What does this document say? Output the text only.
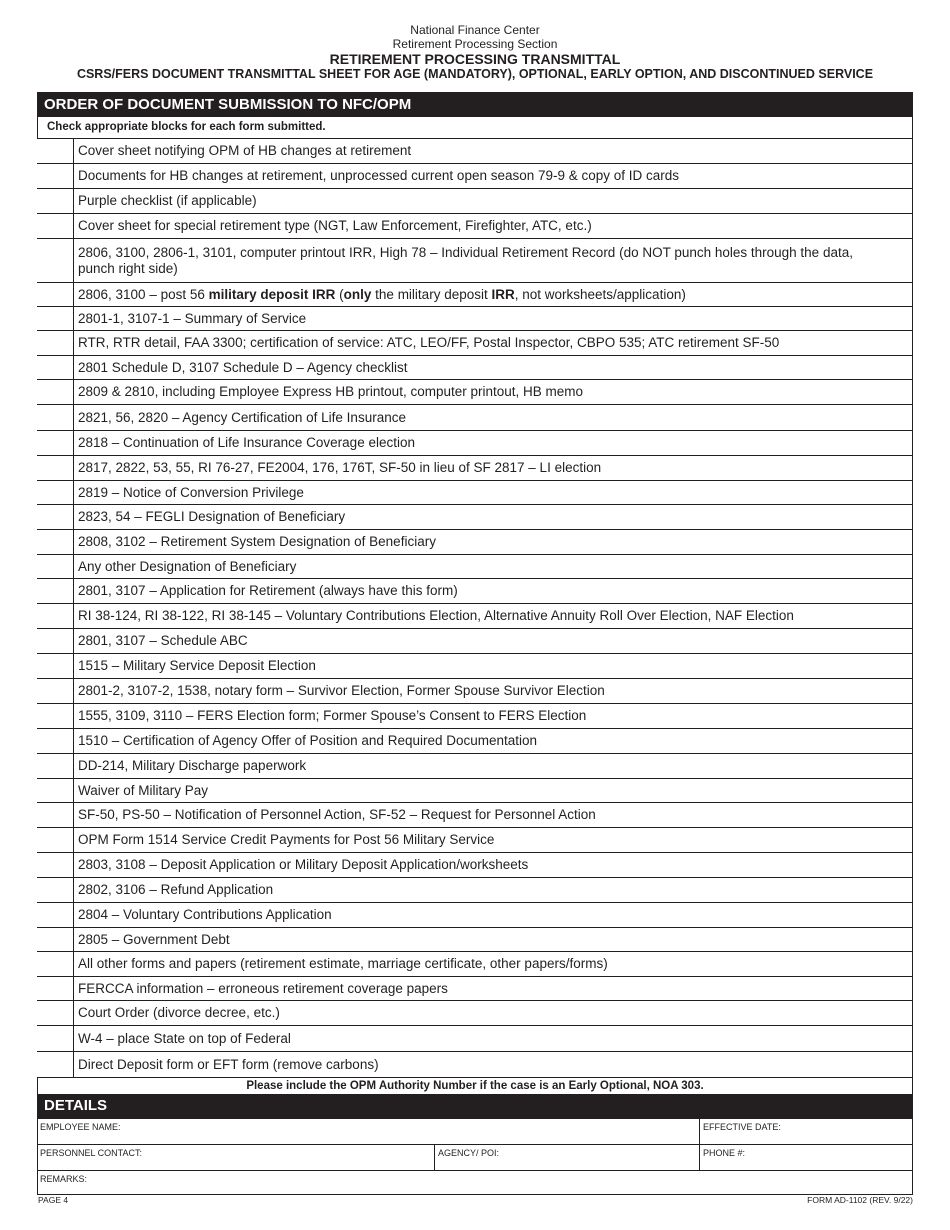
National Finance Center
Retirement Processing Section
RETIREMENT PROCESSING TRANSMITTAL
CSRS/FERS DOCUMENT TRANSMITTAL SHEET FOR AGE (MANDATORY), OPTIONAL, EARLY OPTION, AND DISCONTINUED SERVICE
ORDER OF DOCUMENT SUBMISSION TO NFC/OPM
Check appropriate blocks for each form submitted.
Cover sheet notifying OPM of HB changes at retirement
Documents for HB changes at retirement, unprocessed current open season 79-9 & copy of ID cards
Purple checklist (if applicable)
Cover sheet for special retirement type (NGT, Law Enforcement, Firefighter, ATC, etc.)
2806, 3100, 2806-1, 3101, computer printout IRR, High 78 – Individual Retirement Record (do NOT punch holes through the data, punch right side)
2806, 3100 – post 56 military deposit IRR (only the military deposit IRR, not worksheets/application)
2801-1, 3107-1 – Summary of Service
RTR, RTR detail, FAA 3300; certification of service: ATC, LEO/FF, Postal Inspector, CBPO 535; ATC retirement SF-50
2801 Schedule D, 3107 Schedule D – Agency checklist
2809 & 2810, including Employee Express HB printout, computer printout, HB memo
2821, 56, 2820 – Agency Certification of Life Insurance
2818 – Continuation of Life Insurance Coverage election
2817, 2822, 53, 55, RI 76-27, FE2004, 176, 176T, SF-50 in lieu of SF 2817 – LI election
2819 – Notice of Conversion Privilege
2823, 54 – FEGLI Designation of Beneficiary
2808, 3102 – Retirement System Designation of Beneficiary
Any other Designation of Beneficiary
2801, 3107 – Application for Retirement (always have this form)
RI 38-124, RI 38-122, RI 38-145 – Voluntary Contributions Election, Alternative Annuity Roll Over Election, NAF Election
2801, 3107 – Schedule ABC
1515 – Military Service Deposit Election
2801-2, 3107-2, 1538, notary form – Survivor Election, Former Spouse Survivor Election
1555, 3109, 3110 – FERS Election form; Former Spouse’s Consent to FERS Election
1510 – Certification of Agency Offer of Position and Required Documentation
DD-214, Military Discharge paperwork
Waiver of Military Pay
SF-50, PS-50 – Notification of Personnel Action, SF-52 – Request for Personnel Action
OPM Form 1514 Service Credit Payments for Post 56 Military Service
2803, 3108 – Deposit Application or Military Deposit Application/worksheets
2802, 3106 – Refund Application
2804 – Voluntary Contributions Application
2805 – Government Debt
All other forms and papers (retirement estimate, marriage certificate, other papers/forms)
FERCCA information – erroneous retirement coverage papers
Court Order (divorce decree, etc.)
W-4 – place State on top of Federal
Direct Deposit form or EFT form (remove carbons)
Please include the OPM Authority Number if the case is an Early Optional, NOA 303.
DETAILS
EMPLOYEE NAME:	EFFECTIVE DATE:
PERSONNEL CONTACT:	AGENCY/ POI:	PHONE #:
REMARKS:
PAGE 4	FORM AD-1102 (REV. 9/22)
